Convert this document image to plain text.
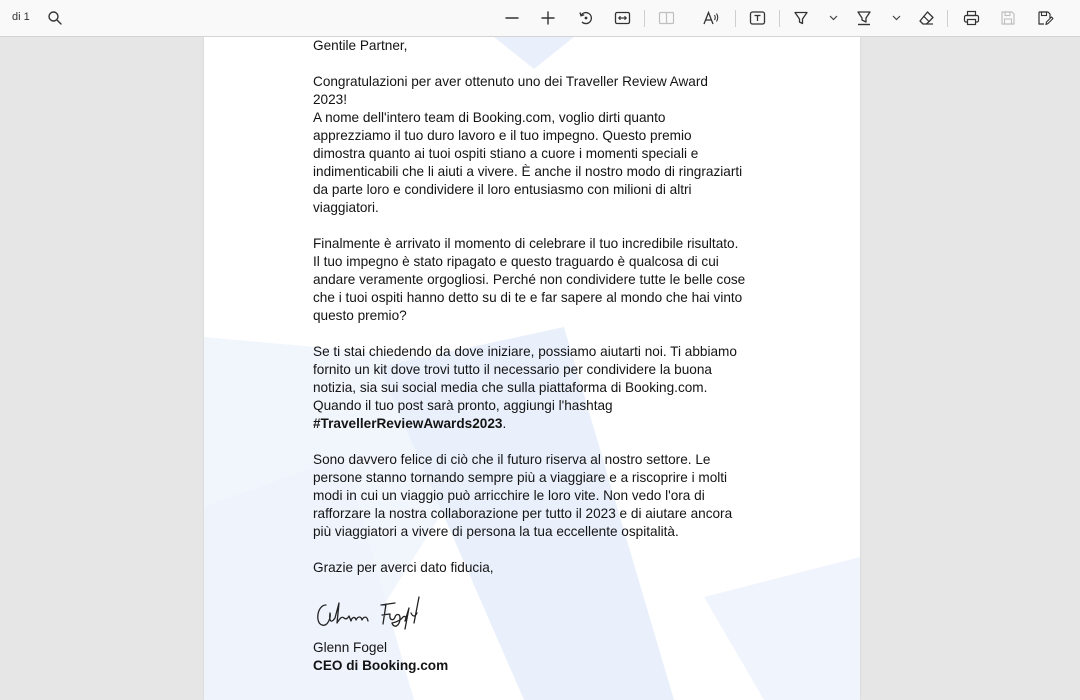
di 1

Gentile Partner,

Congratulazioni per aver ottenuto uno dei Traveller Review Award

2023!

A nome dell'intero team di Booking.com, voglio dirti quanto

apprezziamo il tuo duro lavoro e il tuo impegno. Questo premio

dimostra quanto ai tuoi ospiti stiano a cuore i momenti speciali e

indimenticabili che li aiuti a vivere. È anche il nostro modo di ringraziarti

da parte loro e condividere il loro entusiasmo con milioni di altri

viaggiatori.

Finalmente è arrivato il momento di celebrare il tuo incredibile risultato.

Il tuo impegno è stato ripagato e questo traguardo è qualcosa di cui

andare veramente orgogliosi. Perché non condividere tutte le belle cose

che i tuoi ospiti hanno detto su di te e far sapere al mondo che hai vinto

questo premio?

Se ti stai chiedendo da dove iniziare, possiamo aiutarti noi. Ti abbiamo

fornito un kit dove trovi tutto il necessario per condividere la buona

notizia, sia sui social media che sulla piattaforma di Booking.com.

Quando il tuo post sarà pronto, aggiungi l'hashtag

#TravellerReviewAwards2023.

Sono davvero felice di ciò che il futuro riserva al nostro settore. Le

persone stanno tornando sempre più a viaggiare e a riscoprire i molti

modi in cui un viaggio può arricchire le loro vite. Non vedo l'ora di

rafforzare la nostra collaborazione per tutto il 2023 e di aiutare ancora

più viaggiatori a vivere di persona la tua eccellente ospitalità.

Grazie per averci dato fiducia,

Glenn Fogel
CEO di Booking.com
